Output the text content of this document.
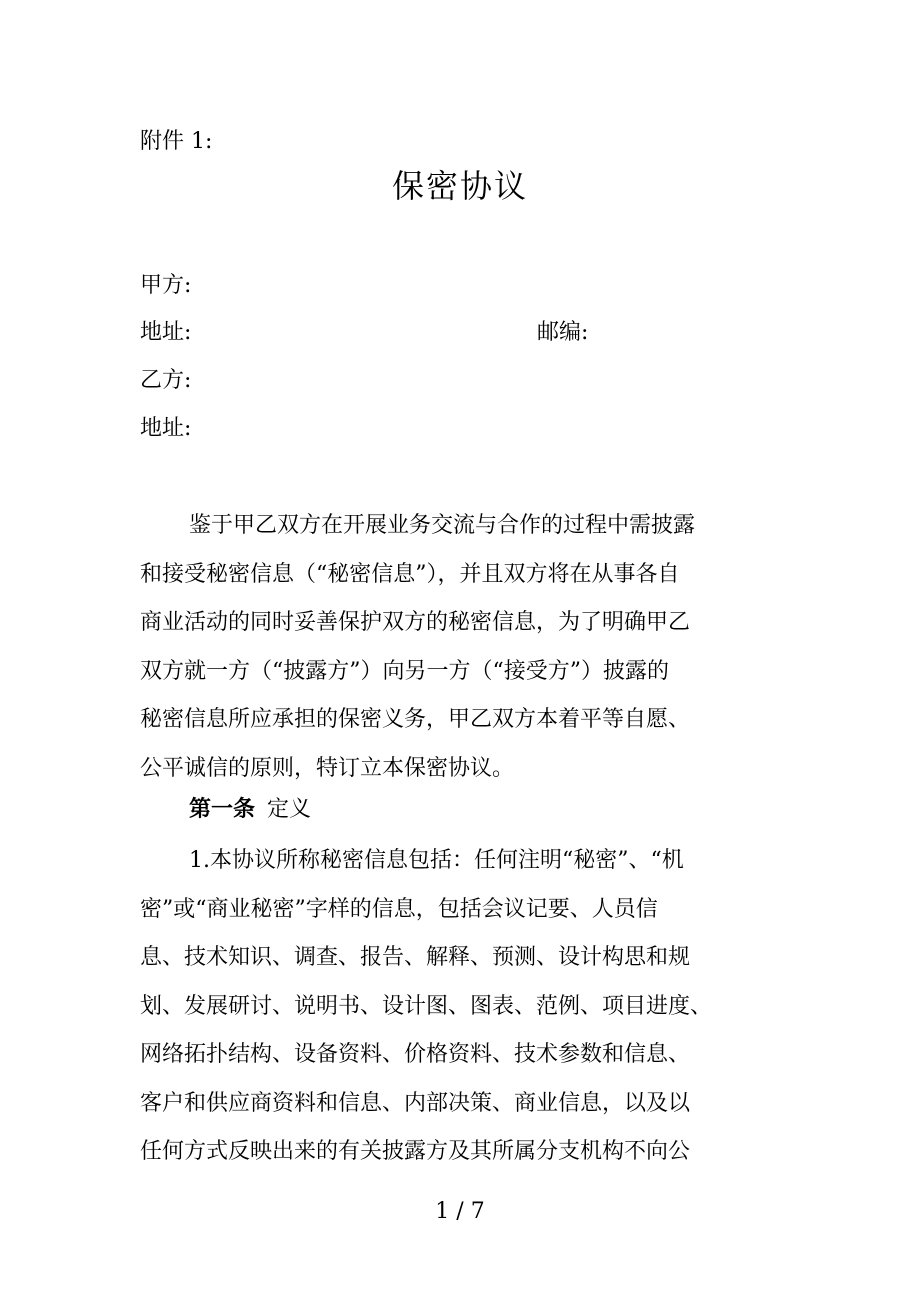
附件 1:
保密协议
甲方:
地址:	邮编:
乙方:
地址:
鉴于甲乙双方在开展业务交流与合作的过程中需披露
和接受秘密信息（“秘密信息”），并且双方将在从事各自
商业活动的同时妥善保护双方的秘密信息，为了明确甲乙
双方就一方（“披露方”）向另一方（“接受方”）披露的
秘密信息所应承担的保密义务，甲乙双方本着平等自愿、
公平诚信的原则，特订立本保密协议。
第一条 定义
1.本协议所称秘密信息包括：任何注明“秘密”、“机
密”或“商业秘密”字样的信息，包括会议记要、人员信
息、技术知识、调查、报告、解释、预测、设计构思和规
划、发展研讨、说明书、设计图、图表、范例、项目进度、
网络拓扑结构、设备资料、价格资料、技术参数和信息、
客户和供应商资料和信息、内部决策、商业信息，以及以
任何方式反映出来的有关披露方及其所属分支机构不向公
1 / 7
